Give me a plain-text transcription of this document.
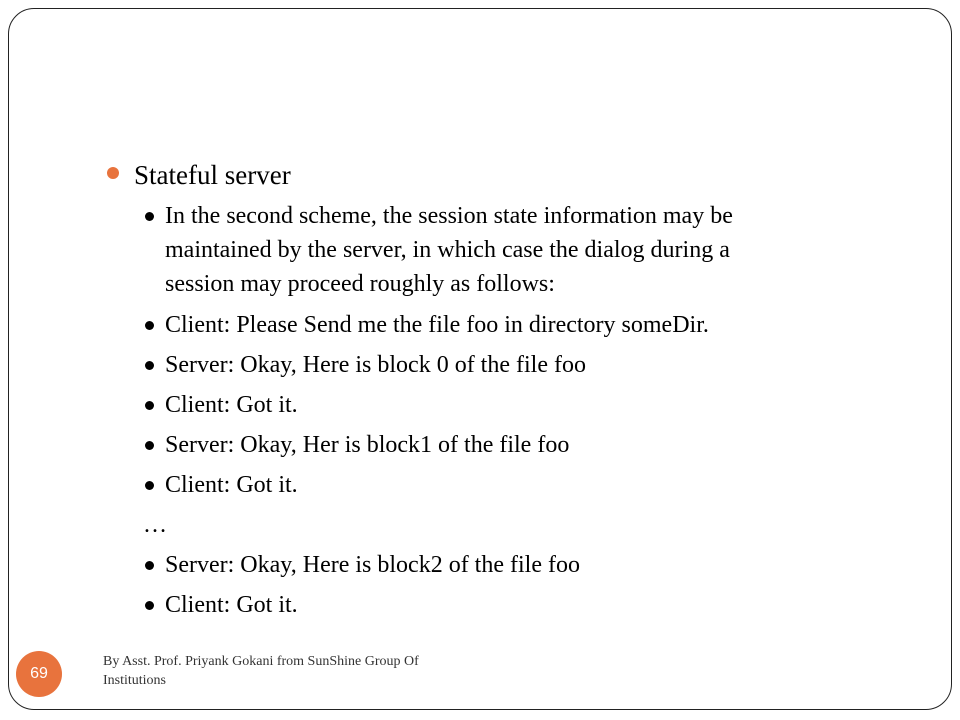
Stateful server
In the second scheme, the session state information may be
maintained by the server, in which case the dialog during a
session may proceed roughly as follows:
Client: Please Send me the file foo in directory someDir.
Server: Okay, Here is block 0 of the file foo
Client: Got it.
Server: Okay, Her is block1 of the file foo
Client: Got it.
…
Server: Okay, Here is block2 of the file foo
Client: Got it.
69
By Asst. Prof. Priyank Gokani from SunShine Group Of
Institutions
